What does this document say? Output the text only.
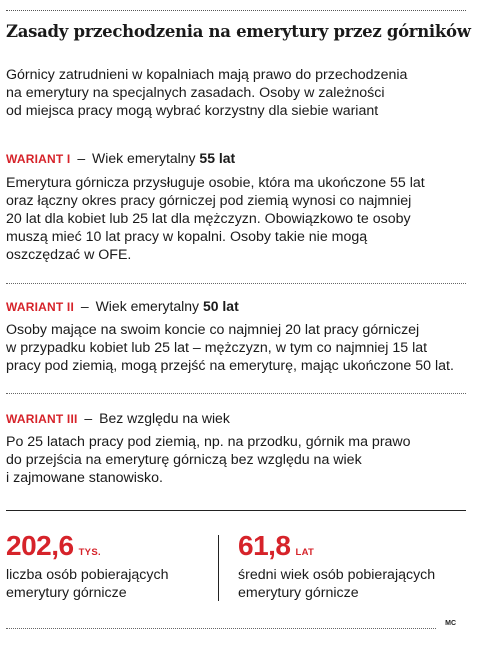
Zasady przechodzenia na emerytury przez górników
Górnicy zatrudnieni w kopalniach mają prawo do przechodzenia
na emerytury na specjalnych zasadach. Osoby w zależności
od miejsca pracy mogą wybrać korzystny dla siebie wariant
WARIANT I – Wiek emerytalny 55 lat
Emerytura górnicza przysługuje osobie, która ma ukończone 55 lat
oraz łączny okres pracy górniczej pod ziemią wynosi co najmniej
20 lat dla kobiet lub 25 lat dla mężczyzn. Obowiązkowo te osoby
muszą mieć 10 lat pracy w kopalni. Osoby takie nie mogą
oszczędzać w OFE.
WARIANT II – Wiek emerytalny 50 lat
Osoby mające na swoim koncie co najmniej 20 lat pracy górniczej
w przypadku kobiet lub 25 lat – mężczyzn, w tym co najmniej 15 lat
pracy pod ziemią, mogą przejść na emeryturę, mając ukończone 50 lat.
WARIANT III – Bez względu na wiek
Po 25 latach pracy pod ziemią, np. na przodku, górnik ma prawo
do przejścia na emeryturę górniczą bez względu na wiek
i zajmowane stanowisko.
202,6 TYS.
liczba osób pobierających
emerytury górnicze
61,8 LAT
średni wiek osób pobierających
emerytury górnicze
MC
